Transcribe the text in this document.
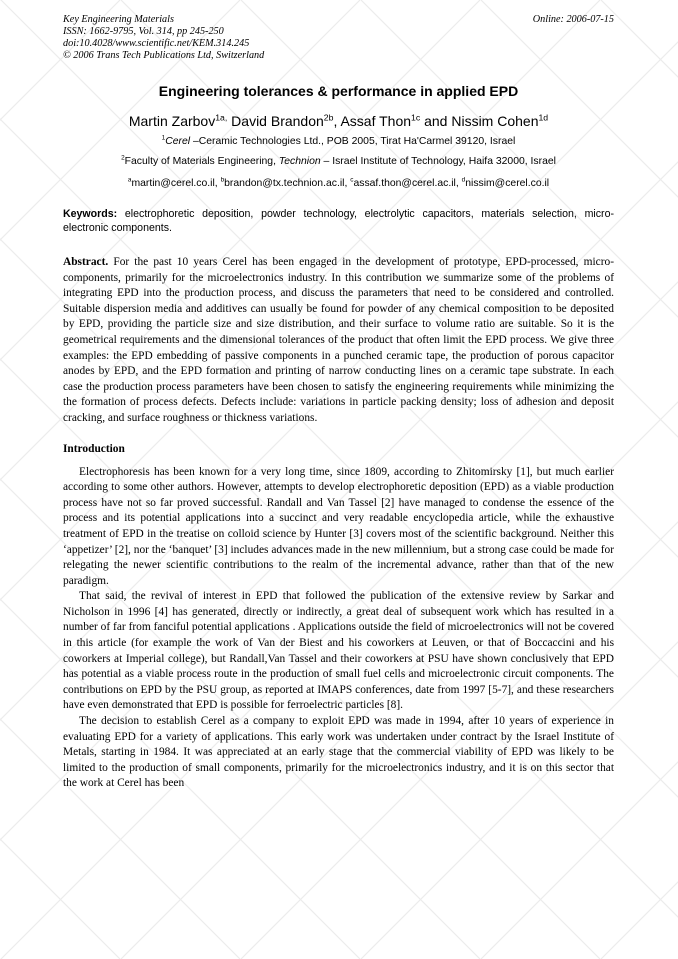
Key Engineering Materials
ISSN: 1662-9795, Vol. 314, pp 245-250
doi:10.4028/www.scientific.net/KEM.314.245
© 2006 Trans Tech Publications Ltd, Switzerland
Online: 2006-07-15
Engineering tolerances & performance in applied EPD
Martin Zarbov$^{1a,}$ David Brandon$^{2b}$, Assaf Thon$^{1c}$ and Nissim Cohen$^{1d}$
$^1$Cerel –Ceramic Technologies Ltd., POB 2005, Tirat Ha'Carmel 39120, Israel
$^2$Faculty of Materials Engineering, Technion – Israel Institute of Technology, Haifa 32000, Israel
$^a$martin@cerel.co.il, $^b$brandon@tx.technion.ac.il, $^c$assaf.thon@cerel.ac.il, $^d$nissim@cerel.co.il
Keywords: electrophoretic deposition, powder technology, electrolytic capacitors, materials selection, micro-electronic components.
Abstract. For the past 10 years Cerel has been engaged in the development of prototype, EPD-processed, micro-components, primarily for the microelectronics industry. In this contribution we summarize some of the problems of integrating EPD into the production process, and discuss the parameters that need to be considered and controlled. Suitable dispersion media and additives can usually be found for powder of any chemical composition to be deposited by EPD, providing the particle size and size distribution, and their surface to volume ratio are suitable. So it is the geometrical requirements and the dimensional tolerances of the product that often limit the EPD process. We give three examples: the EPD embedding of passive components in a punched ceramic tape, the production of porous capacitor anodes by EPD, and the EPD formation and printing of narrow conducting lines on a ceramic tape substrate. In each case the production process parameters have been chosen to satisfy the engineering requirements while minimizing the the formation of process defects. Defects include: variations in particle packing density; loss of adhesion and deposit cracking, and surface roughness or thickness variations.
Introduction

Electrophoresis has been known for a very long time, since 1809, according to Zhitomirsky [1], but much earlier according to some other authors. However, attempts to develop electrophoretic deposition (EPD) as a viable production process have not so far proved successful. Randall and Van Tassel [2] have managed to condense the essence of the process and its potential applications into a succinct and very readable encyclopedia article, while the exhaustive treatment of EPD in the treatise on colloid science by Hunter [3] covers most of the scientific background. Neither this ‘appetizer’ [2], nor the ‘banquet’ [3] includes advances made in the new millennium, but a strong case could be made for relegating the newer scientific contributions to the realm of the incremental advance, rather than that of the new paradigm.

That said, the revival of interest in EPD that followed the publication of the extensive review by Sarkar and Nicholson in 1996 [4] has generated, directly or indirectly, a great deal of subsequent work which has resulted in a number of far from fanciful potential applications . Applications outside the field of microelectronics will not be covered in this article (for example the work of Van der Biest and his coworkers at Leuven, or that of Boccaccini and his coworkers at Imperial college), but Randall,Van Tassel and their coworkers at PSU have shown conclusively that EPD has potential as a viable process route in the production of small fuel cells and microelectronic circuit components. The contributions on EPD by the PSU group, as reported at IMAPS conferences, date from 1997 [5-7], and these researchers have even demonstrated that EPD is possible for ferroelectric particles [8].

The decision to establish Cerel as a company to exploit EPD was made in 1994, after 10 years of experience in evaluating EPD for a variety of applications. This early work was undertaken under contract by the Israel Institute of Metals, starting in 1984. It was appreciated at an early stage that the commercial viability of EPD was likely to be limited to the production of small components, primarily for the microelectronics industry, and it is on this sector that the work at Cerel has been
